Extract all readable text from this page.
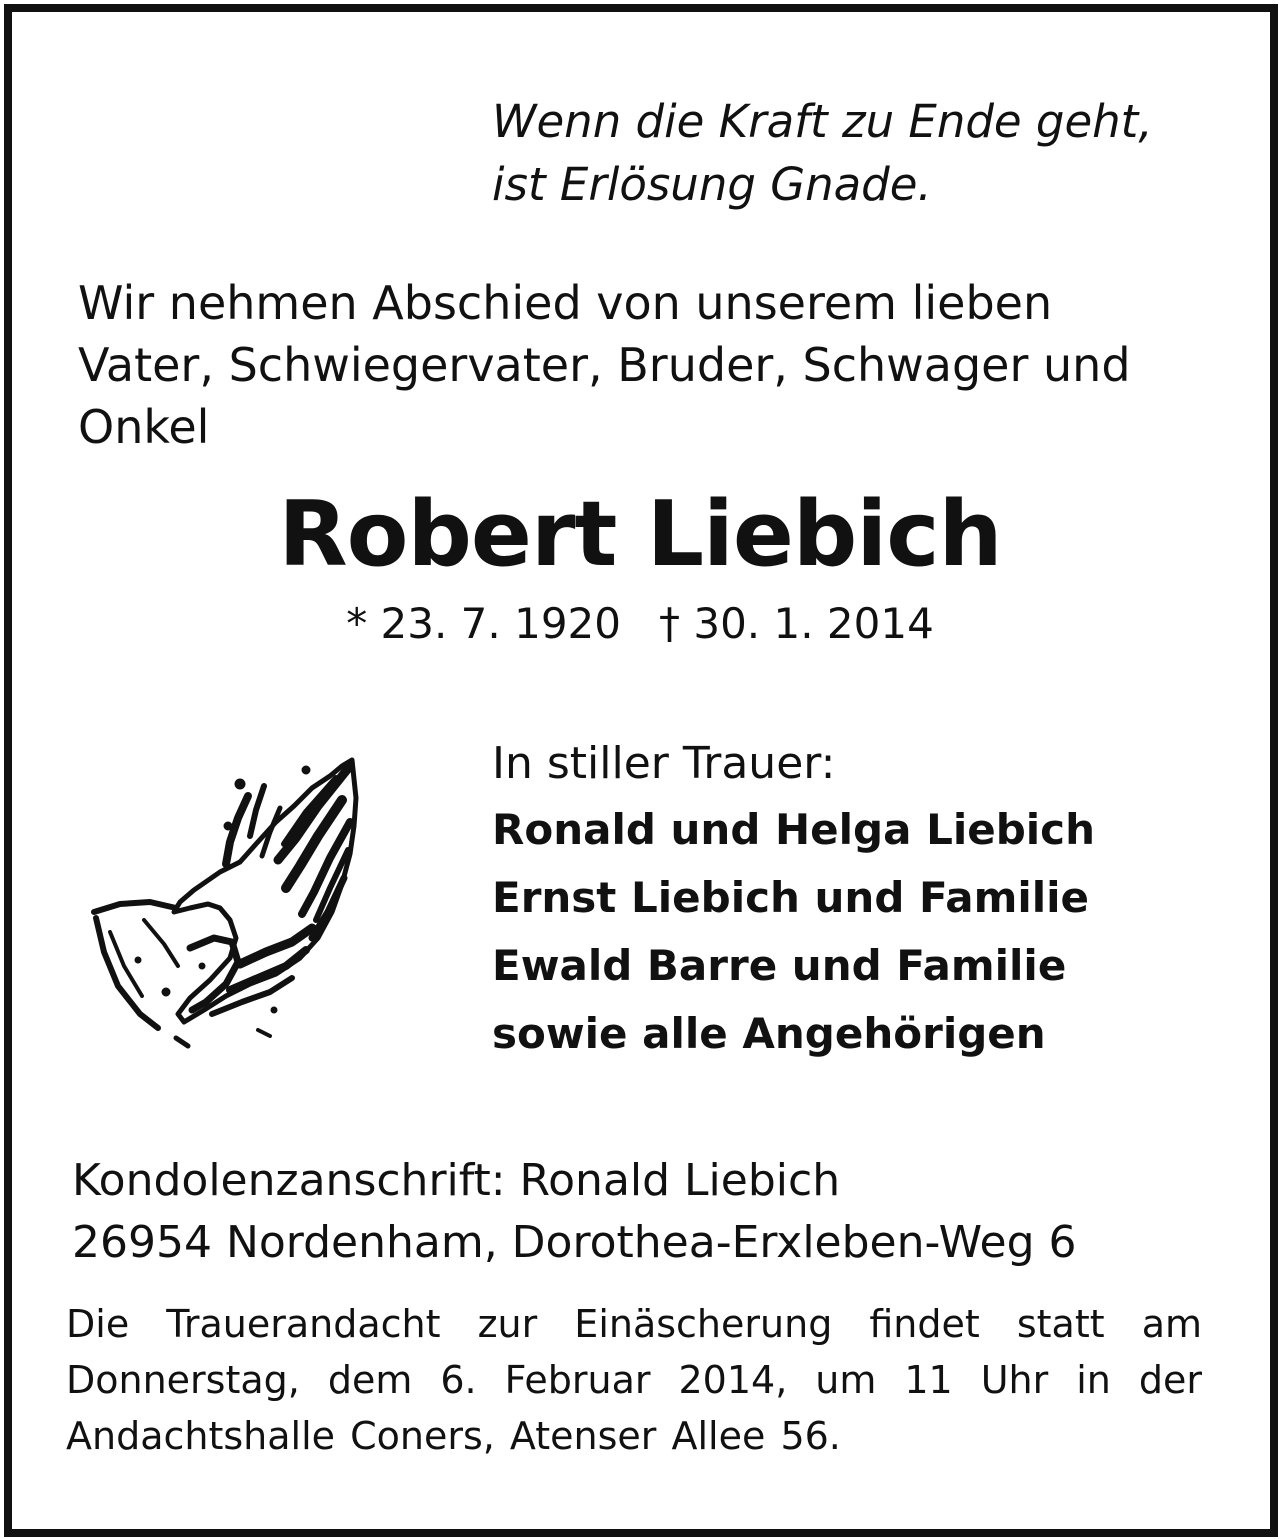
Wenn die Kraft zu Ende geht,
ist Erlösung Gnade.
Wir nehmen Abschied von unserem lieben
Vater, Schwiegervater, Bruder, Schwager und
Onkel
Robert Liebich
* 23. 7. 1920 † 30. 1. 2014
In stiller Trauer:
Ronald und Helga Liebich
Ernst Liebich und Familie
Ewald Barre und Familie
sowie alle Angehörigen
Kondolenzanschrift: Ronald Liebich
26954 Nordenham, Dorothea-Erxleben-Weg 6
Die Trauerandacht zur Einäscherung findet statt am Donnerstag, dem 6. Februar 2014, um 11 Uhr in der Andachtshalle Coners, Atenser Allee 56.
